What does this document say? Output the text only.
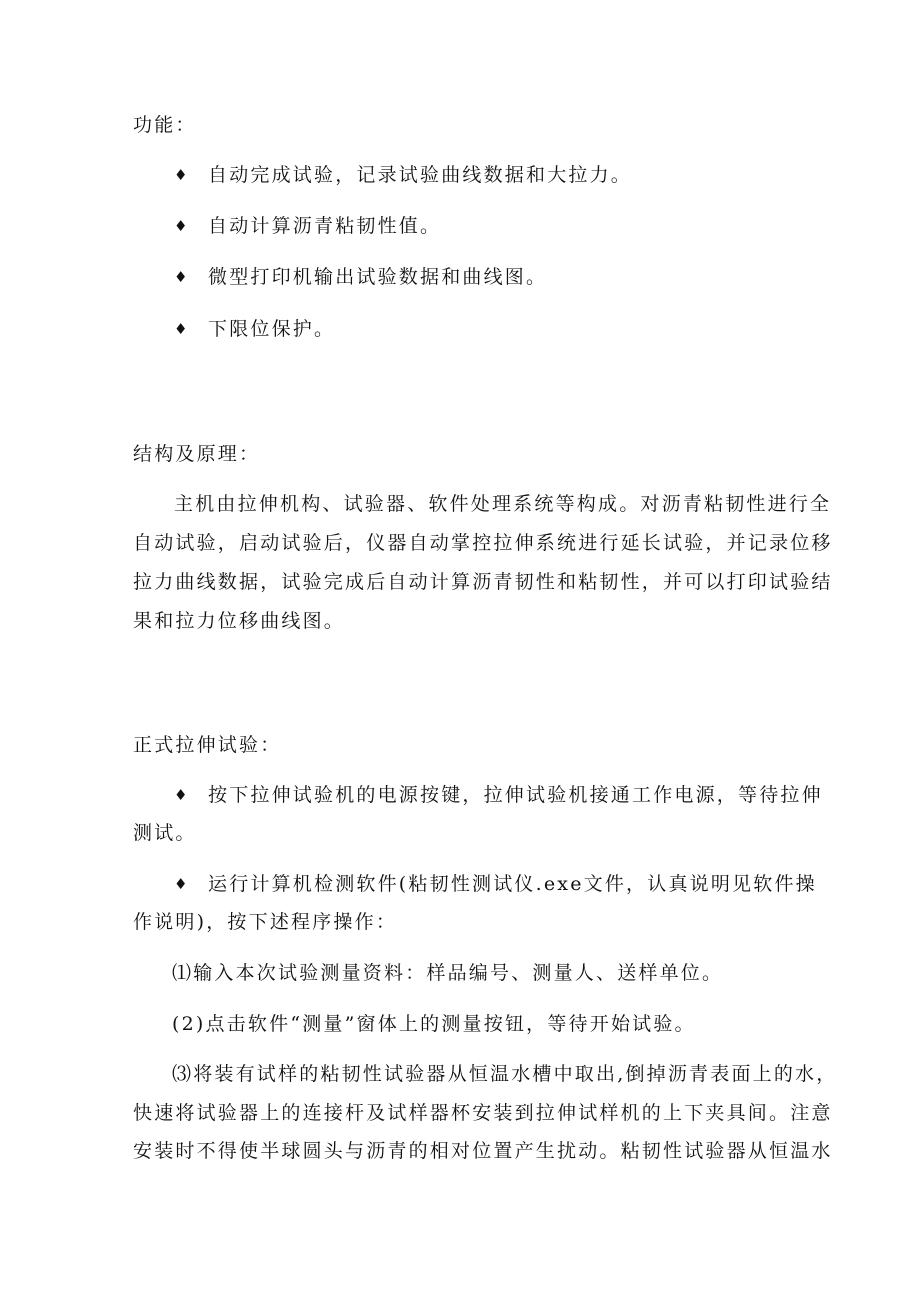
功能：
♦ 自动完成试验，记录试验曲线数据和大拉力。
♦ 自动计算沥青粘韧性值。
♦ 微型打印机输出试验数据和曲线图。
♦ 下限位保护。
结构及原理：
主机由拉伸机构、试验器、软件处理系统等构成。对沥青粘韧性进行全
自动试验，启动试验后，仪器自动掌控拉伸系统进行延长试验，并记录位移
拉力曲线数据，试验完成后自动计算沥青韧性和粘韧性，并可以打印试验结
果和拉力位移曲线图。
正式拉伸试验：
♦ 按下拉伸试验机的电源按键，拉伸试验机接通工作电源，等待拉伸
测试。
♦ 运行计算机检测软件(粘韧性测试仪.exe文件，认真说明见软件操
作说明)，按下述程序操作：
⑴输入本次试验测量资料：样品编号、测量人、送样单位。
(2)点击软件“测量”窗体上的测量按钮，等待开始试验。
⑶将装有试样的粘韧性试验器从恒温水槽中取出,倒掉沥青表面上的水，
快速将试验器上的连接杆及试样器杯安装到拉伸试样机的上下夹具间。注意
安装时不得使半球圆头与沥青的相对位置产生扰动。粘韧性试验器从恒温水
